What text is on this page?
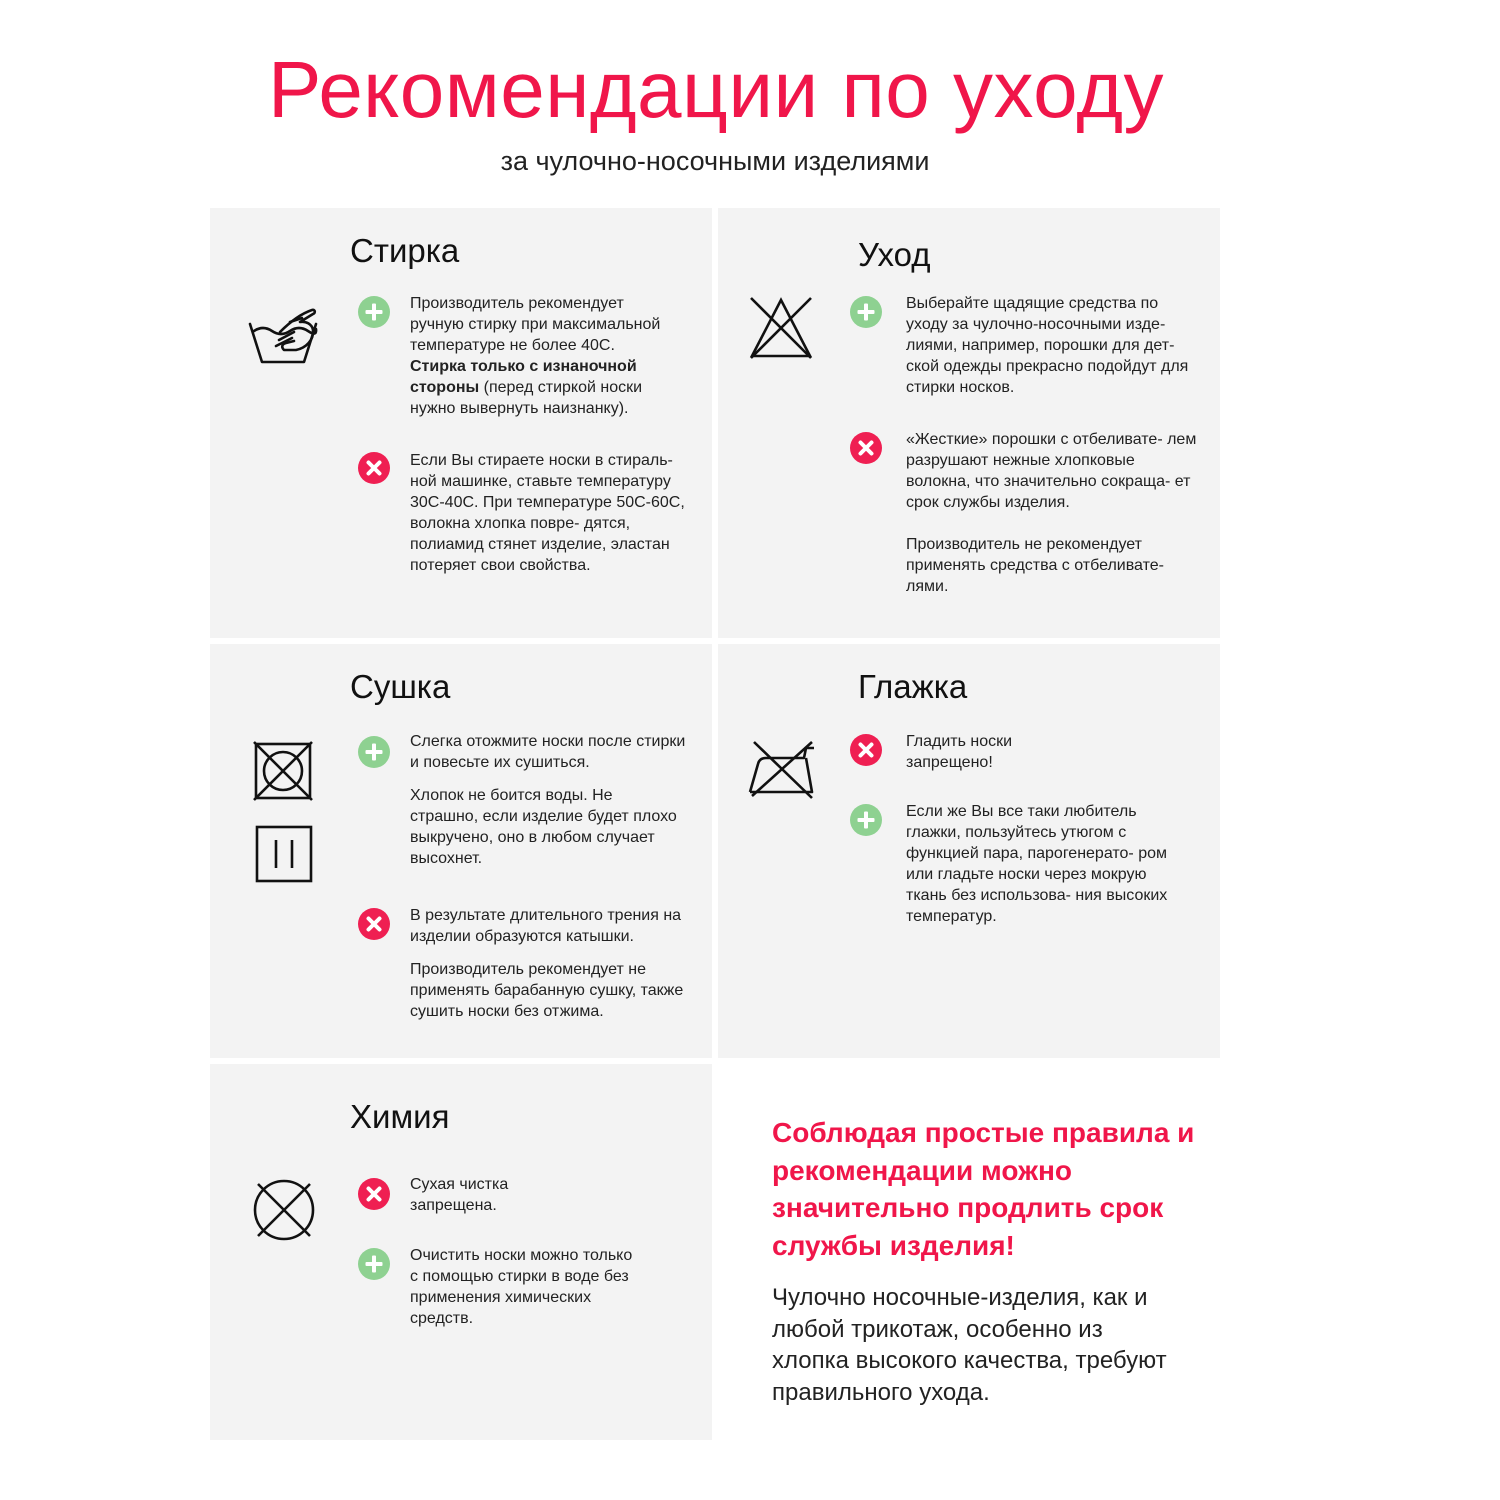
Рекомендации по уходу
за чулочно-носочными изделиями
Стирка
Производитель рекомендует
ручную стирку при максимальной
температуре не более 40С.
Стирка только с изнаночной
стороны (перед стиркой носки
нужно вывернуть наизнанку).

Если Вы стираете носки в стираль- ной машинке, ставьте температуру 30С-40С. При температуре 50С-60С, волокна хлопка повре- дятся, полиамид стянет изделие, эластан потеряет свои свойства.

Уход

Выберайте щадящие средства по уходу за чулочно-носочными изде- лиями, например, порошки для дет- ской одежды прекрасно подойдут для стирки носков.

«Жесткие» порошки с отбеливате- лем разрушают нежные хлопковые волокна, что значительно сокраща- ет срок службы изделия.

Производитель не рекомендует применять средства с отбеливате- лями.

Сушка

Слегка отожмите носки после стирки и повесьте их сушиться.

Хлопок не боится воды. Не страшно, если изделие будет плохо выкручено, оно в любом случает высохнет.

В результате длительного трения на изделии образуются катышки.

Производитель рекомендует не применять барабанную сушку, также сушить носки без отжима.

Глажка

Гладить носки запрещено!

Если же Вы все таки любитель глажки, пользуйтесь утюгом с функцией пара, парогенерато- ром или гладьте носки через мокрую ткань без использова- ния высоких температур.

Химия

Сухая чистка запрещена.

Очистить носки можно только с помощью стирки в воде без применения химических средств.

Соблюдая простые правила и рекомендации можно значительно продлить срок службы изделия!

Чулочно носочные-изделия, как и любой трикотаж, особенно из хлопка высокого качества, требуют правильного ухода.
